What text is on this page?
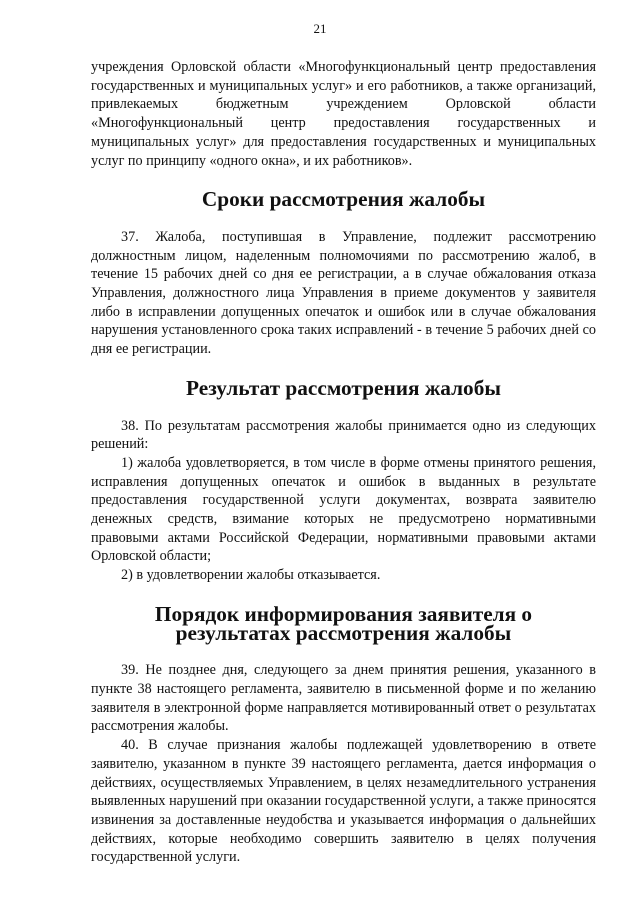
21

учреждения Орловской области «Многофункциональный центр предоставления государственных и муниципальных услуг» и его работников, а также организаций, привлекаемых бюджетным учреждением Орловской области «Многофункциональный центр предоставления государственных и муниципальных услуг» для предоставления государственных и муниципальных услуг по принципу «одного окна», и их работников».

Сроки рассмотрения жалобы

37. Жалоба, поступившая в Управление, подлежит рассмотрению должностным лицом, наделенным полномочиями по рассмотрению жалоб, в течение 15 рабочих дней со дня ее регистрации, а в случае обжалования отказа Управления, должностного лица Управления в приеме документов у заявителя либо в исправлении допущенных опечаток и ошибок или в случае обжалования нарушения установленного срока таких исправлений - в течение 5 рабочих дней со дня ее регистрации.

Результат рассмотрения жалобы

38. По результатам рассмотрения жалобы принимается одно из следующих решений:

1) жалоба удовлетворяется, в том числе в форме отмены принятого решения, исправления допущенных опечаток и ошибок в выданных в результате предоставления государственной услуги документах, возврата заявителю денежных средств, взимание которых не предусмотрено нормативными правовыми актами Российской Федерации, нормативными правовыми актами Орловской области;

2) в удовлетворении жалобы отказывается.

Порядок информирования заявителя о результатах рассмотрения жалобы

39. Не позднее дня, следующего за днем принятия решения, указанного в пункте 38 настоящего регламента, заявителю в письменной форме и по желанию заявителя в электронной форме направляется мотивированный ответ о результатах рассмотрения жалобы.

40. В случае признания жалобы подлежащей удовлетворению в ответе заявителю, указанном в пункте 39 настоящего регламента, дается информация о действиях, осуществляемых Управлением, в целях незамедлительного устранения выявленных нарушений при оказании государственной услуги, а также приносятся извинения за доставленные неудобства и указывается информация о дальнейших действиях, которые необходимо совершить заявителю в целях получения государственной услуги.
